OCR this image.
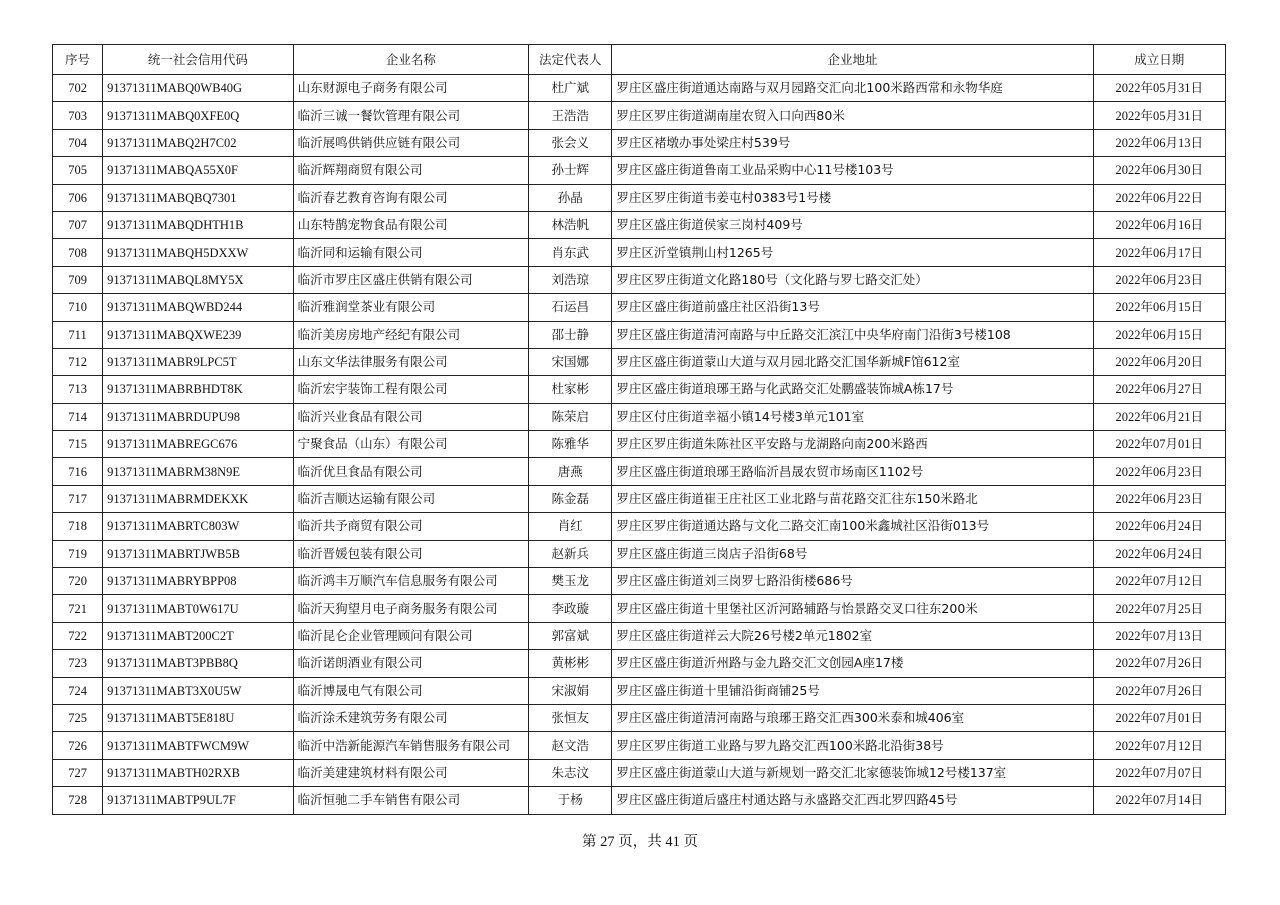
序号	统一社会信用代码	企业名称	法定代表人	企业地址	成立日期
702	91371311MABQ0WB40G	山东财源电子商务有限公司	杜广斌	罗庄区盛庄街道通达南路与双月园路交汇向北100米路西常和永物华庭	2022年05月31日
703	91371311MABQ0XFE0Q	临沂三诚一餐饮管理有限公司	王浩浩	罗庄区罗庄街道湖南崖农贸入口向西80米	2022年05月31日
704	91371311MABQ2H7C02	临沂展鸣供销供应链有限公司	张会义	罗庄区褚墩办事处梁庄村539号	2022年06月13日
705	91371311MABQA55X0F	临沂辉翔商贸有限公司	孙士辉	罗庄区盛庄街道鲁南工业品采购中心11号楼103号	2022年06月30日
706	91371311MABQBQ7301	临沂春艺教育咨询有限公司	孙晶	罗庄区罗庄街道韦姜屯村0383号1号楼	2022年06月22日
707	91371311MABQDHTH1B	山东特鹊宠物食品有限公司	林浩帆	罗庄区盛庄街道侯家三岗村409号	2022年06月16日
708	91371311MABQH5DXXW	临沂同和运输有限公司	肖东武	罗庄区沂堂镇荆山村1265号	2022年06月17日
709	91371311MABQL8MY5X	临沂市罗庄区盛庄供销有限公司	刘浩琼	罗庄区罗庄街道文化路180号（文化路与罗七路交汇处）	2022年06月23日
710	91371311MABQWBD244	临沂雅润堂茶业有限公司	石运昌	罗庄区盛庄街道前盛庄社区沿街13号	2022年06月15日
711	91371311MABQXWE239	临沂美房房地产经纪有限公司	邵士静	罗庄区盛庄街道清河南路与中丘路交汇滨江中央华府南门沿街3号楼108	2022年06月15日
712	91371311MABR9LPC5T	山东文华法律服务有限公司	宋国娜	罗庄区盛庄街道蒙山大道与双月园北路交汇国华新城F馆612室	2022年06月20日
713	91371311MABRBHDT8K	临沂宏宇装饰工程有限公司	杜家彬	罗庄区盛庄街道琅琊王路与化武路交汇处鹏盛装饰城A栋17号	2022年06月27日
714	91371311MABRDUPU98	临沂兴业食品有限公司	陈荣启	罗庄区付庄街道幸福小镇14号楼3单元101室	2022年06月21日
715	91371311MABREGC676	宁聚食品（山东）有限公司	陈雅华	罗庄区罗庄街道朱陈社区平安路与龙湖路向南200米路西	2022年07月01日
716	91371311MABRM38N9E	临沂优旦食品有限公司	唐燕	罗庄区盛庄街道琅琊王路临沂昌晟农贸市场南区1102号	2022年06月23日
717	91371311MABRMDEKXK	临沂吉顺达运输有限公司	陈金磊	罗庄区盛庄街道崔王庄社区工业北路与苗花路交汇往东150米路北	2022年06月23日
718	91371311MABRTC803W	临沂共予商贸有限公司	肖红	罗庄区罗庄街道通达路与文化二路交汇南100米鑫城社区沿街013号	2022年06月24日
719	91371311MABRTJWB5B	临沂晋媛包装有限公司	赵新兵	罗庄区盛庄街道三岗店子沿街68号	2022年06月24日
720	91371311MABRYBPP08	临沂鸿丰万顺汽车信息服务有限公司	樊玉龙	罗庄区盛庄街道刘三岗罗七路沿街楼686号	2022年07月12日
721	91371311MABT0W617U	临沂天狗望月电子商务服务有限公司	李政璇	罗庄区盛庄街道十里堡社区沂河路辅路与怡景路交叉口往东200米	2022年07月25日
722	91371311MABT200C2T	临沂昆仑企业管理顾问有限公司	郭富斌	罗庄区盛庄街道祥云大院26号楼2单元1802室	2022年07月13日
723	91371311MABT3PBB8Q	临沂诺朗酒业有限公司	黄彬彬	罗庄区盛庄街道沂州路与金九路交汇文创园A座17楼	2022年07月26日
724	91371311MABT3X0U5W	临沂博晟电气有限公司	宋淑娟	罗庄区盛庄街道十里铺沿街商铺25号	2022年07月26日
725	91371311MABT5E818U	临沂涂禾建筑劳务有限公司	张恒友	罗庄区盛庄街道清河南路与琅琊王路交汇西300米泰和城406室	2022年07月01日
726	91371311MABTFWCM9W	临沂中浩新能源汽车销售服务有限公司	赵文浩	罗庄区罗庄街道工业路与罗九路交汇西100米路北沿街38号	2022年07月12日
727	91371311MABTH02RXB	临沂美建建筑材料有限公司	朱志汶	罗庄区盛庄街道蒙山大道与新规划一路交汇北家德装饰城12号楼137室	2022年07月07日
728	91371311MABTP9UL7F	临沂恒驰二手车销售有限公司	于杨	罗庄区盛庄街道后盛庄村通达路与永盛路交汇西北罗四路45号	2022年07月14日
第 27 页，共 41 页
